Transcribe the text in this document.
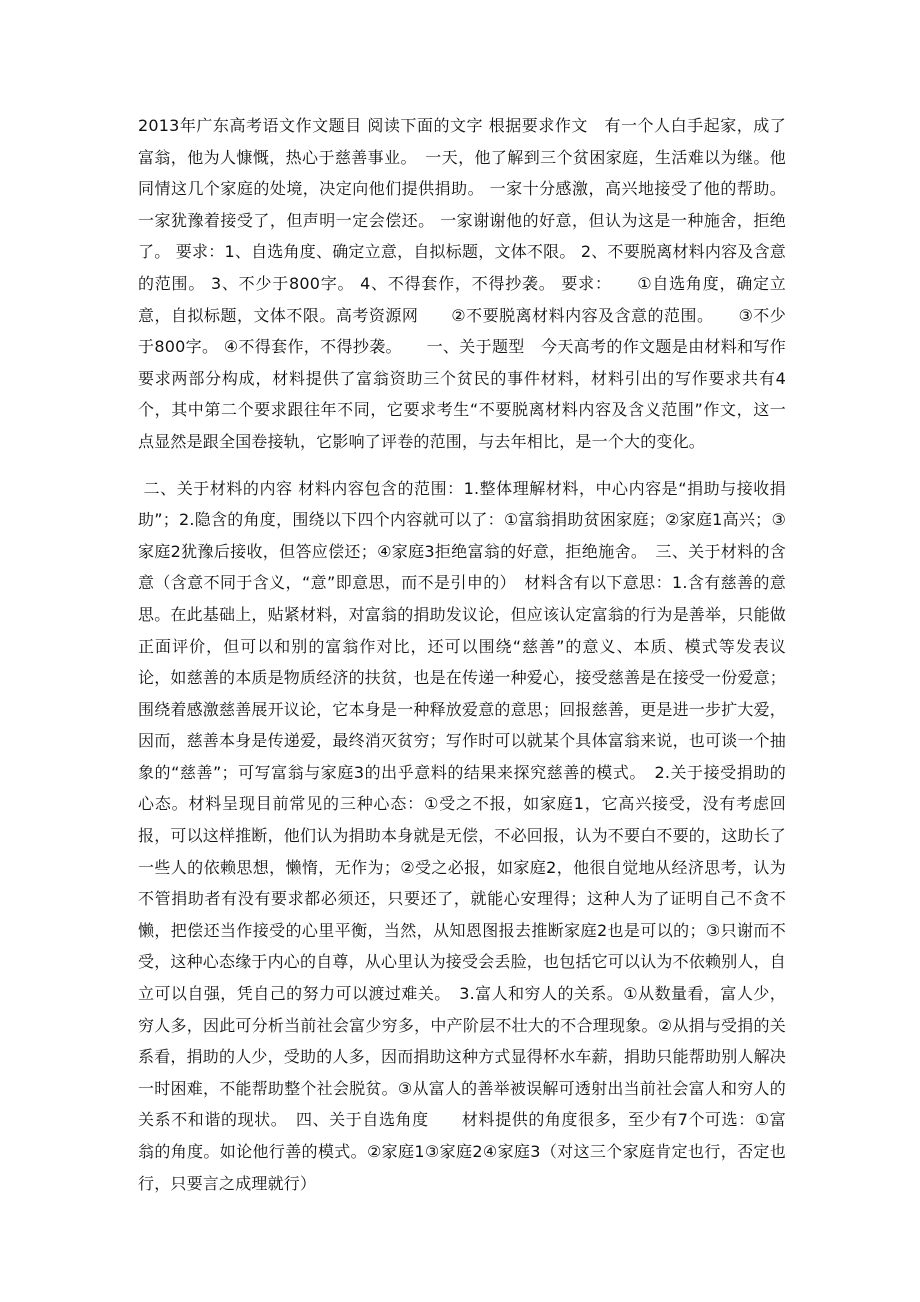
2013年广东高考语文作文题目 阅读下面的文字 根据要求作文　有一个人白手起家，成了富翁，他为人慷慨，热心于慈善事业。　一天，他了解到三个贫困家庭，生活难以为继。他同情这几个家庭的处境，决定向他们提供捐助。 一家十分感激，高兴地接受了他的帮助。 一家犹豫着接受了，但声明一定会偿还。 一家谢谢他的好意，但认为这是一种施舍，拒绝了。 要求：1、自选角度、确定立意，自拟标题，文体不限。 2、不要脱离材料内容及含意的范围。 3、不少于800字。 4、不得套作，不得抄袭。 要求：　　①自选角度，确定立意，自拟标题，文体不限。高考资源网　　②不要脱离材料内容及含意的范围。　　③不少于800字。 ④不得套作，不得抄袭。　　一、关于题型　今天高考的作文题是由材料和写作要求两部分构成，材料提供了富翁资助三个贫民的事件材料，材料引出的写作要求共有4个，其中第二个要求跟往年不同，它要求考生“不要脱离材料内容及含义范围”作文，这一点显然是跟全国卷接轨，它影响了评卷的范围，与去年相比，是一个大的变化。

二、关于材料的内容 材料内容包含的范围：1.整体理解材料，中心内容是“捐助与接收捐助”；2.隐含的角度，围绕以下四个内容就可以了：①富翁捐助贫困家庭；②家庭1高兴；③家庭2犹豫后接收，但答应偿还；④家庭3拒绝富翁的好意，拒绝施舍。　三、关于材料的含意（含意不同于含义，“意”即意思，而不是引申的）　材料含有以下意思：1.含有慈善的意思。在此基础上，贴紧材料，对富翁的捐助发议论，但应该认定富翁的行为是善举，只能做正面评价，但可以和别的富翁作对比，还可以围绕“慈善”的意义、本质、模式等发表议论，如慈善的本质是物质经济的扶贫，也是在传递一种爱心，接受慈善是在接受一份爱意；围绕着感激慈善展开议论，它本身是一种释放爱意的意思；回报慈善，更是进一步扩大爱，因而，慈善本身是传递爱，最终消灭贫穷；写作时可以就某个具体富翁来说，也可谈一个抽象的“慈善”；可写富翁与家庭3的出乎意料的结果来探究慈善的模式。　2.关于接受捐助的心态。材料呈现目前常见的三种心态：①受之不报，如家庭1，它高兴接受，没有考虑回报，可以这样推断，他们认为捐助本身就是无偿，不必回报，认为不要白不要的，这助长了一些人的依赖思想，懒惰，无作为；②受之必报，如家庭2，他很自觉地从经济思考，认为不管捐助者有没有要求都必须还，只要还了，就能心安理得；这种人为了证明自己不贪不懒，把偿还当作接受的心里平衡，当然，从知恩图报去推断家庭2也是可以的；③只谢而不受，这种心态缘于内心的自尊，从心里认为接受会丢脸，也包括它可以认为不依赖别人，自立可以自强，凭自己的努力可以渡过难关。　3.富人和穷人的关系。①从数量看，富人少，穷人多，因此可分析当前社会富少穷多，中产阶层不壮大的不合理现象。②从捐与受捐的关系看，捐助的人少，受助的人多，因而捐助这种方式显得杯水车薪，捐助只能帮助别人解决一时困难，不能帮助整个社会脱贫。③从富人的善举被误解可透射出当前社会富人和穷人的关系不和谐的现状。　四、关于自选角度　　材料提供的角度很多，至少有7个可选：①富翁的角度。如论他行善的模式。②家庭1③家庭2④家庭3（对这三个家庭肯定也行，否定也行，只要言之成理就行）
